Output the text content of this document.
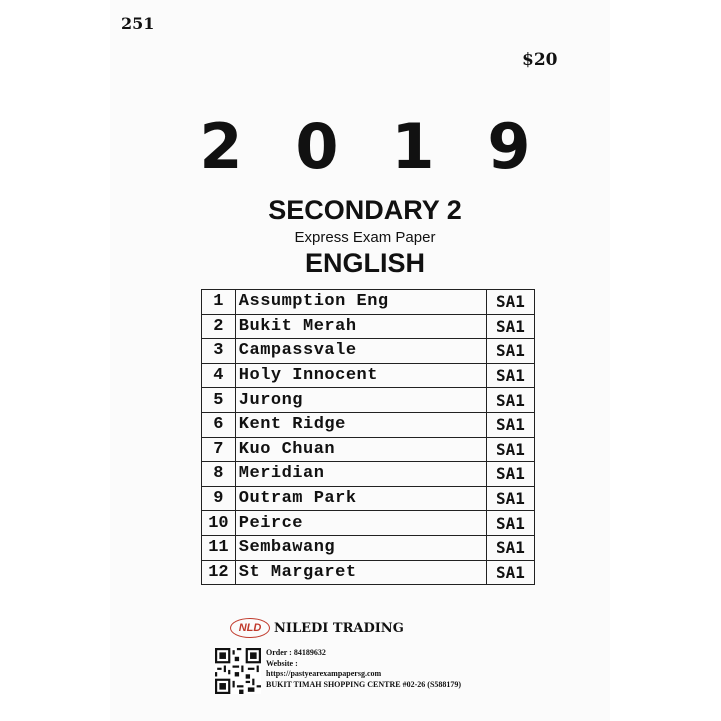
251
$20
2 0 1 9
SECONDARY 2
Express Exam Paper
ENGLISH
1	Assumption Eng	SA1
2	Bukit Merah	SA1
3	Campassvale	SA1
4	Holy Innocent	SA1
5	Jurong	SA1
6	Kent Ridge	SA1
7	Kuo Chuan	SA1
8	Meridian	SA1
9	Outram Park	SA1
10	Peirce	SA1
11	Sembawang	SA1
12	St Margaret	SA1
NLD NILEDI TRADING
Order : 84189632
Website :
https://pastyearexampapersg.com
BUKIT TIMAH SHOPPING CENTRE #02-26 (S588179)
